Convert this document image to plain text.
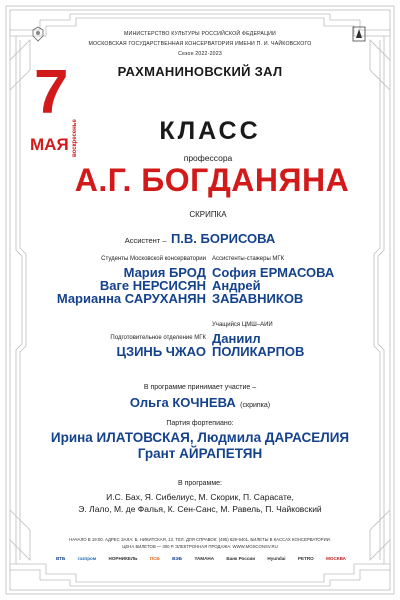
МИНИСТЕРСТВО КУЛЬТУРЫ РОССИЙСКОЙ ФЕДЕРАЦИИ
МОСКОВСКАЯ ГОСУДАРСТВЕННАЯ КОНСЕРВАТОРИЯ ИМЕНИ П. И. ЧАЙКОВСКОГО
Сезон 2022-2023
РАХМАНИНОВСКИЙ ЗАЛ
7
МАЯ воскресенье	КЛАСС
профессора
А.Г. БОГДАНЯНА
СКРИПКА
Ассистент – П.В. БОРИСОВА
Студенты Московской консерватории
Мария БРОД
Ваге НЕРСИСЯН
Марианна САРУХАНЯН
Подготовительное отделение МГК
ЦЗИНЬ ЧЖАО
Ассистенты-стажеры МГК
София ЕРМАСОВА
Андрей
ЗАБАВНИКОВ
Учащийся ЦМШ–АИИ
Даниил
ПОЛИКАРПОВ
В программе принимает участие –
Ольга КОЧНЕВА (скрипка)
Партия фортепиано:
Ирина ИЛАТОВСКАЯ, Людмила ДАРАСЕЛИЯ
Грант АЙРАПЕТЯН
В программе:
И.С. Бах, Я. Сибелиус, М. Скорик, П. Сарасате,
Э. Лало, М. де Фалья, К. Сен-Санс, М. Равель, П. Чайковский
НАЧАЛО В 19:00. АДРЕС ЗАЛА: Б. НИКИТСКАЯ, 13. ТЕЛ. ДЛЯ СПРАВОК: (495) 629-9401. БИЛЕТЫ В КАССАХ КОНСЕРВАТОРИИ.
ЦЕНА БИЛЕТОВ — 300 Р. ЭЛЕКТРОННАЯ ПРОДАЖА: WWW.MOSCONSV.RU
ВТБ	газпром	НОРНИКЕЛЬ	ПСБ	ВЭБ	YAMAHA	Банк России	Hyundai	PETRO	МОСКВА
